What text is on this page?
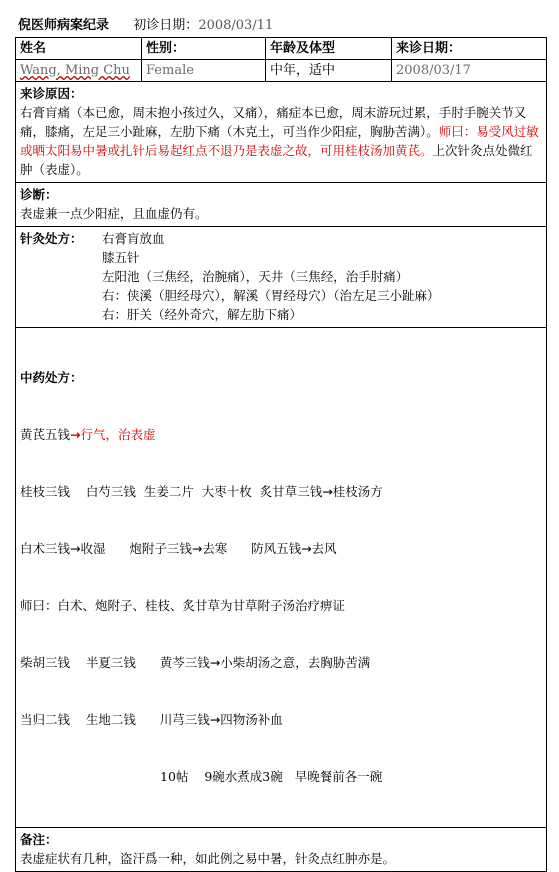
倪医师病案纪录 初诊日期：2008/03/11
姓名	性别：	年龄及体型	来诊日期：
Wang, Ming Chu	Female	中年，适中	2008/03/17
来诊原因：
右膏肓痛（本已愈，周末抱小孩过久，又痛），痛症本已愈，周末游玩过累，手肘手腕关节又痛，膝痛，左足三小趾麻，左肋下痛（木克土，可当作少阳症，胸胁苦满）。师曰：易受风过敏或晒太阳易中暑或扎针后易起红点不退乃是表虚之故，可用桂枝汤加黄芪。上次针灸点处微红肿（表虚）。
诊断：
表虚兼一点少阳症，且血虚仍有。
针灸处方：	右膏肓放血
膝五针
左阳池（三焦经，治腕痛），天井（三焦经，治手肘痛）
右：侠溪（胆经母穴），解溪（胃经母穴）（治左足三小趾麻）
右：肝关（经外奇穴，解左肋下痛）

中药处方：

黄芪五钱→行气，治表虚

桂枝三钱    白芍三钱  生姜二片  大枣十枚  炙甘草三钱→桂枝汤方

白术三钱→收湿      炮附子三钱→去寒      防风五钱→去风

师曰：白术、炮附子、桂枝、炙甘草为甘草附子汤治疗痹证

柴胡三钱    半夏三钱      黄芩三钱→小柴胡汤之意，去胸胁苦满

当归二钱    生地二钱      川芎三钱→四物汤补血

10帖 9碗水煮成3碗 早晚餐前各一碗

备注：
表虚症状有几种，盗汗爲一种，如此例之易中暑，针灸点红肿亦是。
